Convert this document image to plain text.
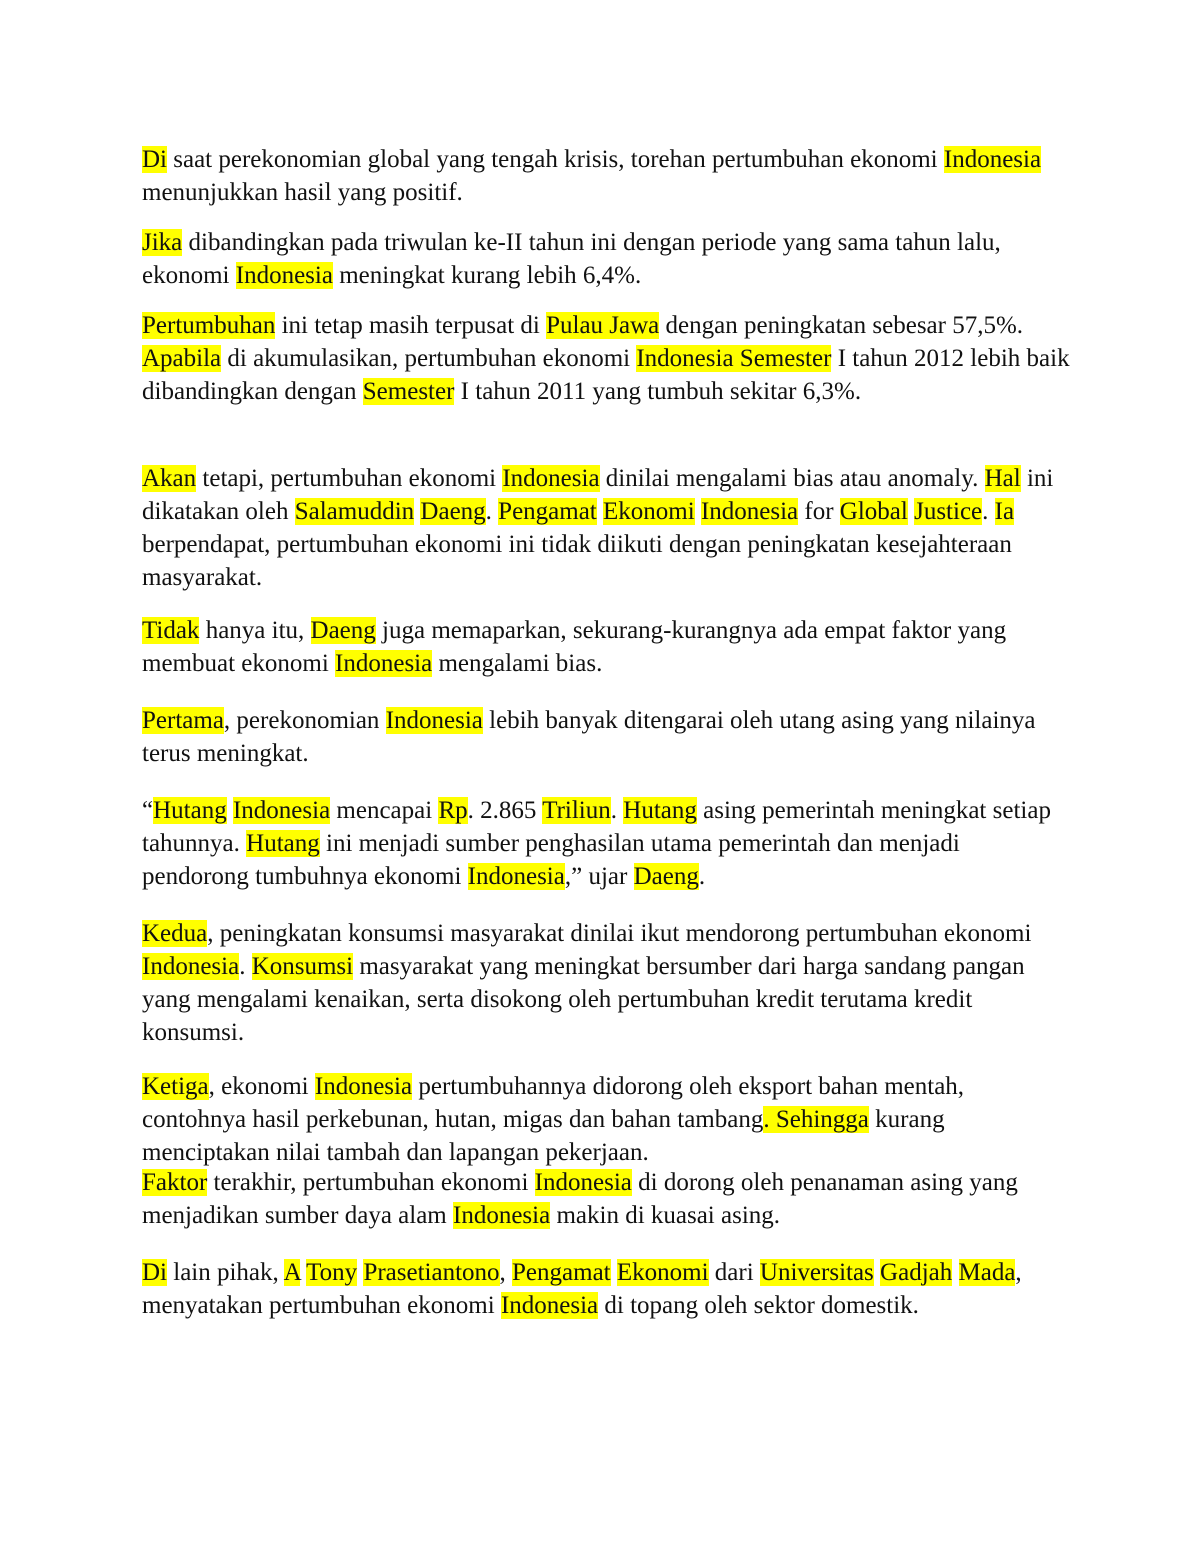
Di saat perekonomian global yang tengah krisis, torehan pertumbuhan ekonomi Indonesia menunjukkan hasil yang positif.

Jika dibandingkan pada triwulan ke-II tahun ini dengan periode yang sama tahun lalu, ekonomi Indonesia meningkat kurang lebih 6,4%.

Pertumbuhan ini tetap masih terpusat di Pulau Jawa dengan peningkatan sebesar 57,5%. Apabila di akumulasikan, pertumbuhan ekonomi Indonesia Semester I tahun 2012 lebih baik dibandingkan dengan Semester I tahun 2011 yang tumbuh sekitar 6,3%.

Akan tetapi, pertumbuhan ekonomi Indonesia dinilai mengalami bias atau anomaly. Hal ini dikatakan oleh Salamuddin Daeng. Pengamat Ekonomi Indonesia for Global Justice. Ia berpendapat, pertumbuhan ekonomi ini tidak diikuti dengan peningkatan kesejahteraan masyarakat.

Tidak hanya itu, Daeng juga memaparkan, sekurang-kurangnya ada empat faktor yang membuat ekonomi Indonesia mengalami bias.

Pertama, perekonomian Indonesia lebih banyak ditengarai oleh utang asing yang nilainya terus meningkat.

“Hutang Indonesia mencapai Rp. 2.865 Triliun. Hutang asing pemerintah meningkat setiap tahunnya. Hutang ini menjadi sumber penghasilan utama pemerintah dan menjadi pendorong tumbuhnya ekonomi Indonesia,” ujar Daeng.

Kedua, peningkatan konsumsi masyarakat dinilai ikut mendorong pertumbuhan ekonomi Indonesia. Konsumsi masyarakat yang meningkat bersumber dari harga sandang pangan yang mengalami kenaikan, serta disokong oleh pertumbuhan kredit terutama kredit konsumsi.

Ketiga, ekonomi Indonesia pertumbuhannya didorong oleh eksport bahan mentah, contohnya hasil perkebunan, hutan, migas dan bahan tambang. Sehingga kurang menciptakan nilai tambah dan lapangan pekerjaan.

Faktor terakhir, pertumbuhan ekonomi Indonesia di dorong oleh penanaman asing yang menjadikan sumber daya alam Indonesia makin di kuasai asing.

Di lain pihak, A Tony Prasetiantono, Pengamat Ekonomi dari Universitas Gadjah Mada, menyatakan pertumbuhan ekonomi Indonesia di topang oleh sektor domestik.
